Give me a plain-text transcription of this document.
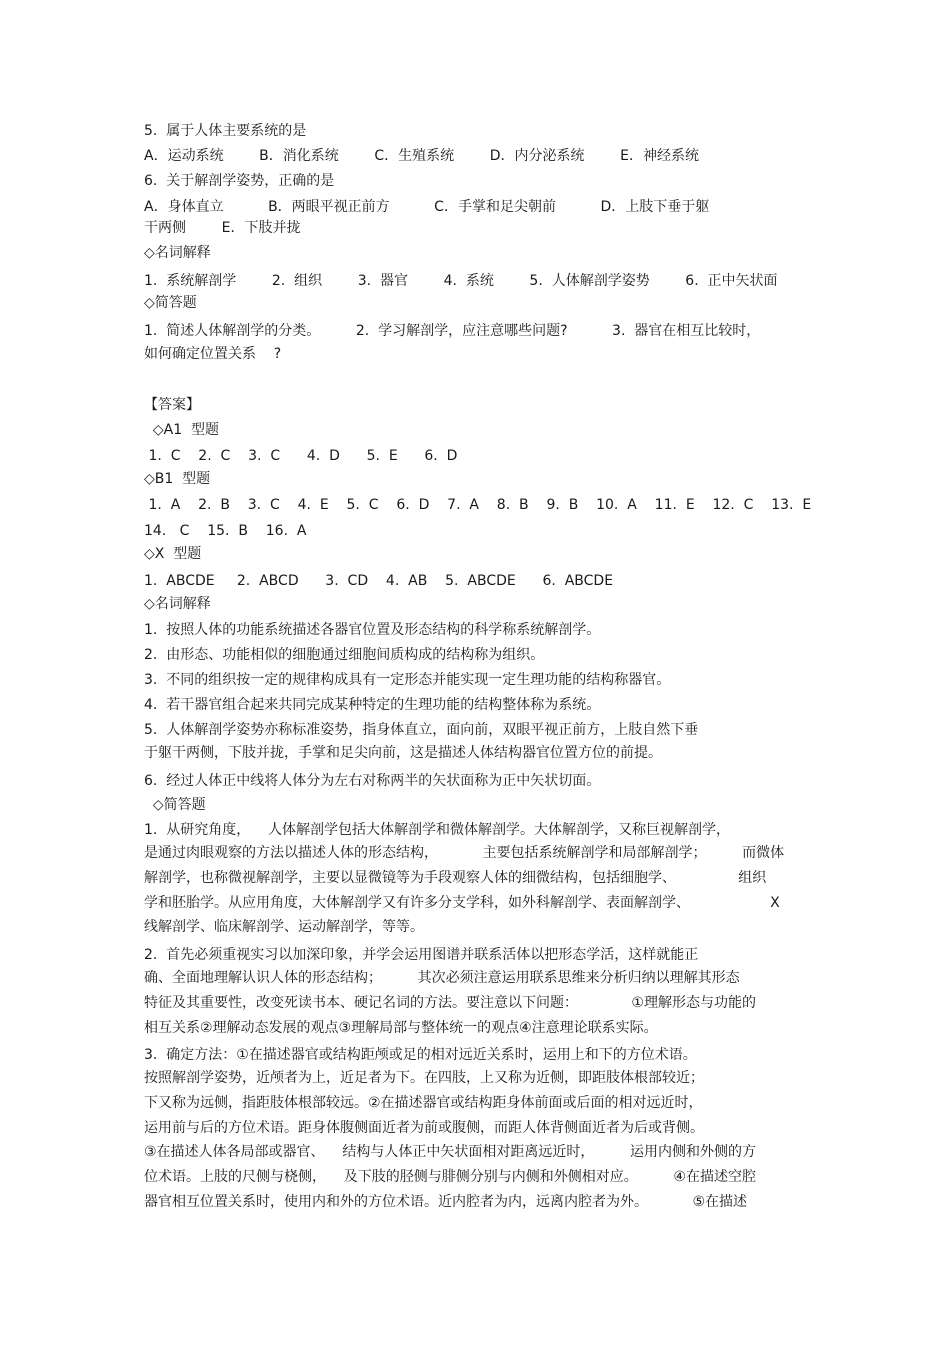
5.  属于人体主要系统的是
A．运动系统        B．消化系统        C．生殖系统        D．内分泌系统        E．神经系统
6.  关于解剖学姿势，正确的是
A．身体直立          B．两眼平视正前方          C．手掌和足尖朝前          D．上肢下垂于躯
干两侧        E．下肢并拢
◇名词解释
1.  系统解剖学        2.  组织        3.  器官        4.  系统        5.  人体解剖学姿势        6.  正中矢状面
◇简答题
1.  简述人体解剖学的分类。        2.  学习解剖学，应注意哪些问题?          3.  器官在相互比较时，
如何确定位置关系    ?
【答案】
◇A1  型题
1.  C    2.  C    3.  C      4.  D      5.  E      6.  D
◇B1  型题
1.  A    2.  B    3.  C    4.  E    5.  C    6.  D    7.  A    8.  B    9.  B    10.  A    11.  E    12.  C    13.  E
14.   C    15.  B    16.  A
◇X  型题
1.  ABCDE     2.  ABCD      3.  CD    4.  AB    5.  ABCDE      6.  ABCDE
◇名词解释
1.  按照人体的功能系统描述各器官位置及形态结构的科学称系统解剖学。
2.  由形态、功能相似的细胞通过细胞间质构成的结构称为组织。
3.  不同的组织按一定的规律构成具有一定形态并能实现一定生理功能的结构称器官。
4.  若干器官组合起来共同完成某种特定的生理功能的结构整体称为系统。
5.  人体解剖学姿势亦称标准姿势，指身体直立，面向前，双眼平视正前方，上肢自然下垂
于躯干两侧，下肢并拢，手掌和足尖向前，这是描述人体结构器官位置方位的前提。
6.  经过人体正中线将人体分为左右对称两半的矢状面称为正中矢状切面。
◇简答题
1.  从研究角度，    人体解剖学包括大体解剖学和微体解剖学。大体解剖学，又称巨视解剖学，
是通过肉眼观察的方法以描述人体的形态结构，          主要包括系统解剖学和局部解剖学；        而微体
解剖学，也称微视解剖学，主要以显微镜等为手段观察人体的细微结构，包括细胞学、              组织
学和胚胎学。从应用角度，大体解剖学又有许多分支学科，如外科解剖学、表面解剖学、                  X
线解剖学、临床解剖学、运动解剖学，等等。
2.  首先必须重视实习以加深印象，并学会运用图谱并联系活体以把形态学活，这样就能正
确、全面地理解认识人体的形态结构；        其次必须注意运用联系思维来分析归纳以理解其形态
特征及其重要性，改变死读书本、硬记名词的方法。要注意以下问题：            ①理解形态与功能的
相互关系②理解动态发展的观点③理解局部与整体统一的观点④注意理论联系实际。
3.  确定方法：①在描述器官或结构距颅或足的相对远近关系时，运用上和下的方位术语。
按照解剖学姿势，近颅者为上，近足者为下。在四肢，上又称为近侧，即距肢体根部较近；
下又称为远侧，指距肢体根部较远。②在描述器官或结构距身体前面或后面的相对远近时，
运用前与后的方位术语。距身体腹侧面近者为前或腹侧，而距人体背侧面近者为后或背侧。
③在描述人体各局部或器官、    结构与人体正中矢状面相对距离远近时，        运用内侧和外侧的方
位术语。上肢的尺侧与桡侧，    及下肢的胫侧与腓侧分别与内侧和外侧相对应。        ④在描述空腔
器官相互位置关系时，使用内和外的方位术语。近内腔者为内，远离内腔者为外。          ⑤在描述
